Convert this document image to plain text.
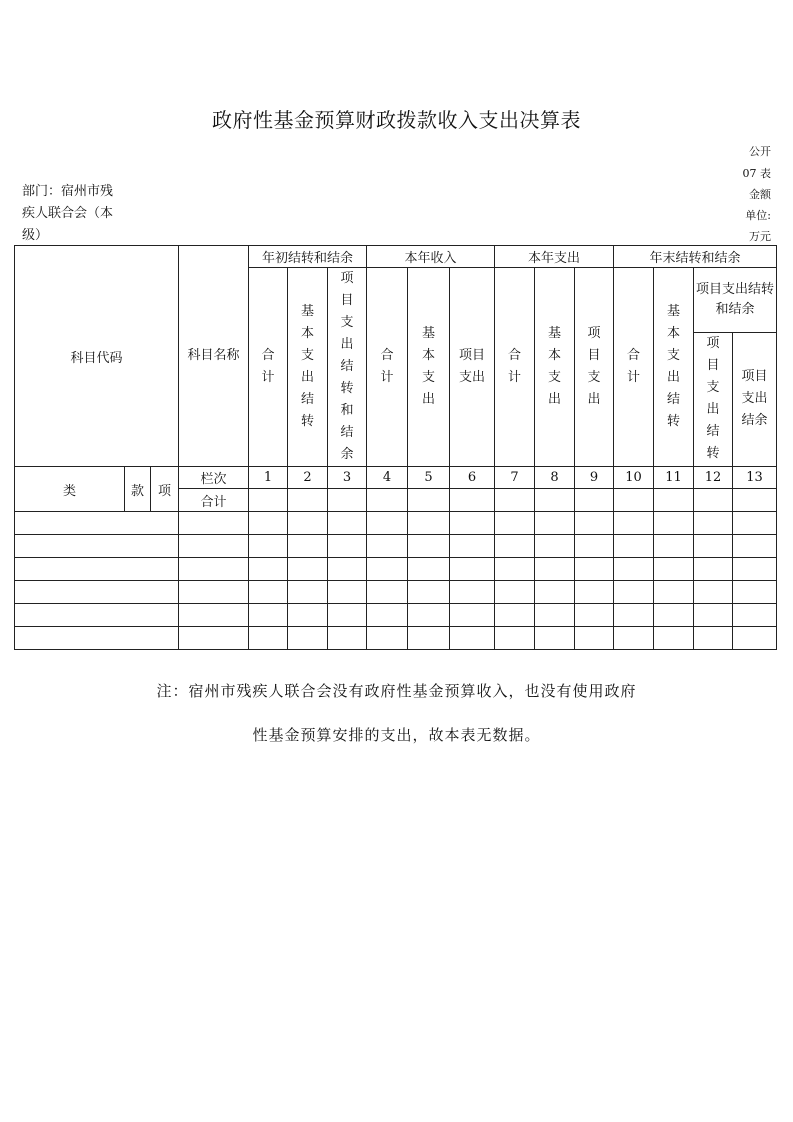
政府性基金预算财政拨款收入支出决算表
公开
07 表
金额
单位:
万元
部门：宿州市残
疾人联合会（本
级）
科目代码			科目名称	年初结转和结余			本年收入			本年支出			年末结转和结余			

				合计	基本支出结转	项目支出结转和结余	合计	基本支出	项目支出	合计	基本支出	项目支出	合计	基本支出结转	项目支出结转和结余	

															项目支出结转	项目支出结余

类	款	项	栏次	1	2	3	4	5	6	7	8	9	10	11	12	13
			合计													

注：宿州市残疾人联合会没有政府性基金预算收入，也没有使用政府
性基金预算安排的支出，故本表无数据。
